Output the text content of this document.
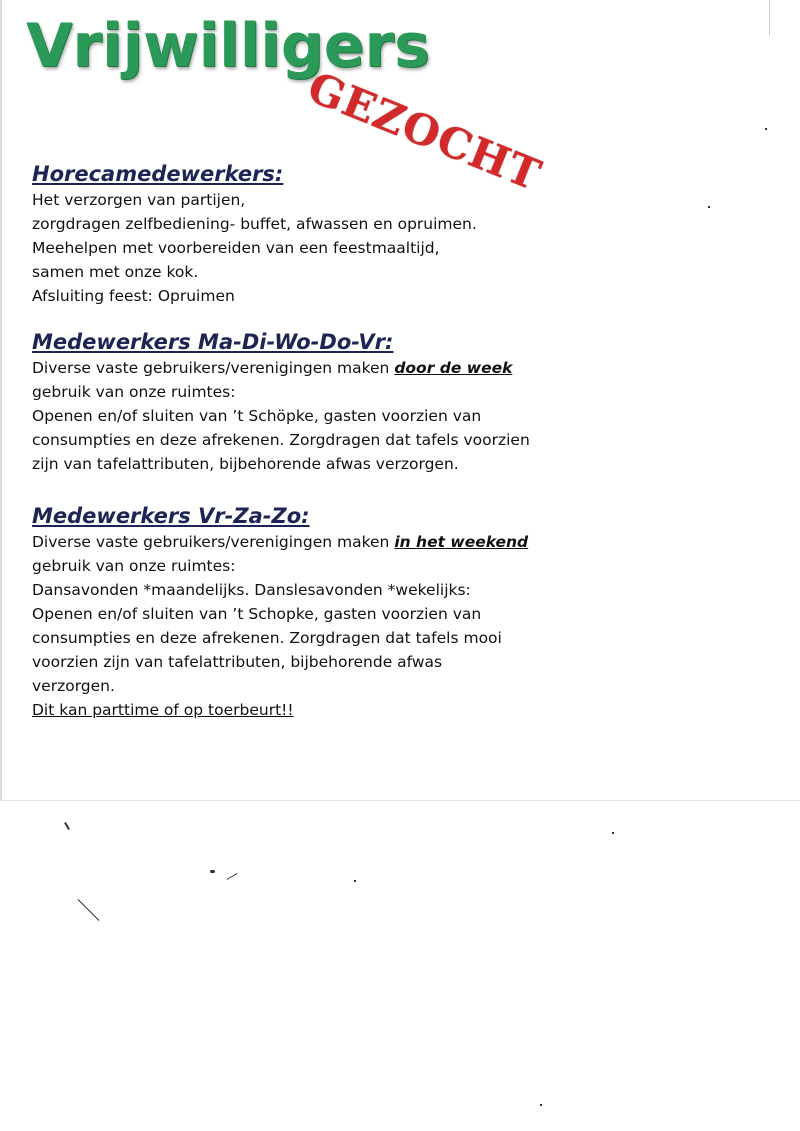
Vrijwilligers
GEZOCHT

Horecamedewerkers:

Het verzorgen van partijen,

zorgdragen zelfbediening- buffet, afwassen en opruimen.

Meehelpen met voorbereiden van een feestmaaltijd,

samen met onze kok.

Afsluiting feest: Opruimen

Medewerkers Ma-Di-Wo-Do-Vr:

Diverse vaste gebruikers/verenigingen maken door de week

gebruik van onze ruimtes:

Openen en/of sluiten van ’t Schöpke, gasten voorzien van

consumpties en deze afrekenen. Zorgdragen dat tafels voorzien

zijn van tafelattributen, bijbehorende afwas verzorgen.

Medewerkers Vr-Za-Zo:

Diverse vaste gebruikers/verenigingen maken in het weekend

gebruik van onze ruimtes:

Dansavonden *maandelijks. Danslesavonden *wekelijks:

Openen en/of sluiten van ’t Schopke, gasten voorzien van

consumpties en deze afrekenen. Zorgdragen dat tafels mooi

voorzien zijn van tafelattributen, bijbehorende afwas

verzorgen.

Dit kan parttime of op toerbeurt!!
